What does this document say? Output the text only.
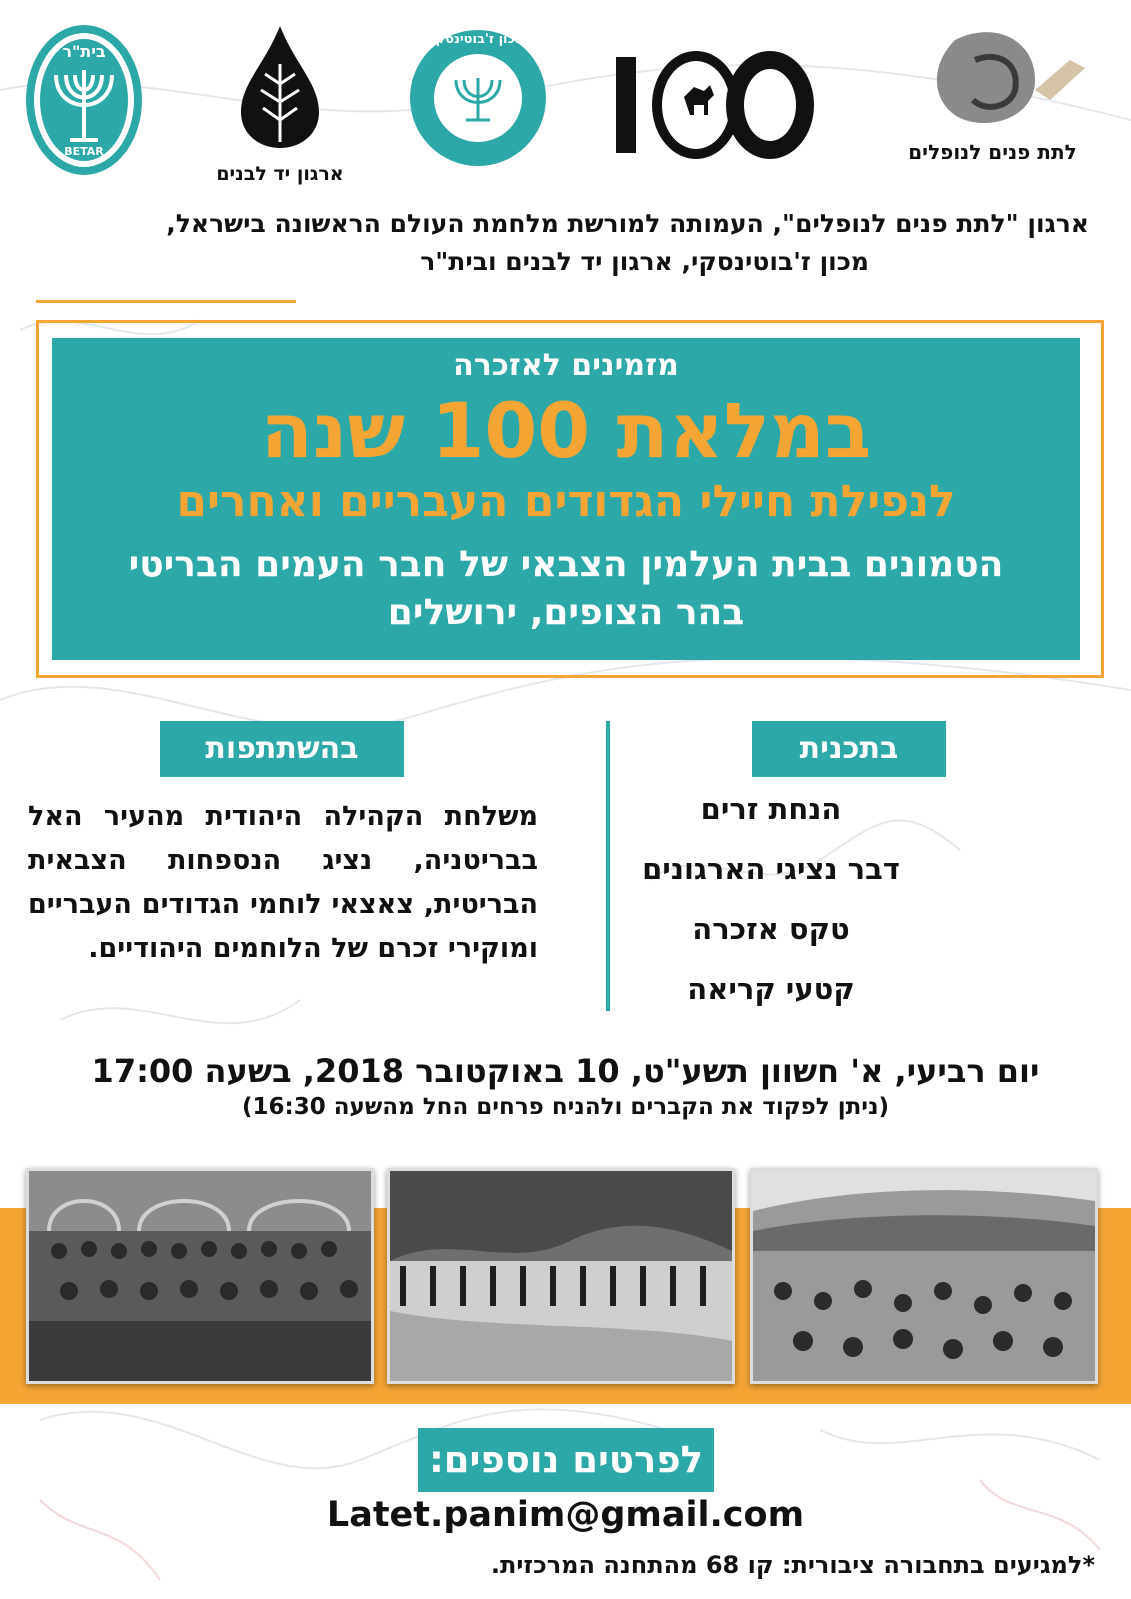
בית"ר
BETAR
ארגון יד לבנים
מכון ז'בוטינסקי
לתת פנים לנופלים
ארגון "לתת פנים לנופלים", העמותה למורשת מלחמת העולם הראשונה בישראל,
מכון ז'בוטינסקי, ארגון יד לבנים ובית"ר
מזמינים לאזכרה
במלאת 100 שנה
לנפילת חיילי הגדודים העבריים ואחרים
הטמונים בבית העלמין הצבאי של חבר העמים הבריטי
בהר הצופים, ירושלים
בתכנית
הנחת זרים
דבר נציגי הארגונים
טקס אזכרה
קטעי קריאה
בהשתתפות
משלחת הקהילה היהודית מהעיר האל בבריטניה, נציג הנספחות הצבאית הבריטית, צאצאי לוחמי הגדודים העבריים ומוקירי זכרם של הלוחמים היהודיים.
יום רביעי, א' חשוון תשע"ט, 10 באוקטובר 2018, בשעה 17:00
(ניתן לפקוד את הקברים ולהניח פרחים החל מהשעה 16:30)
לפרטים נוספים:
Latet.panim@gmail.com
*למגיעים בתחבורה ציבורית: קו 68 מהתחנה המרכזית.
